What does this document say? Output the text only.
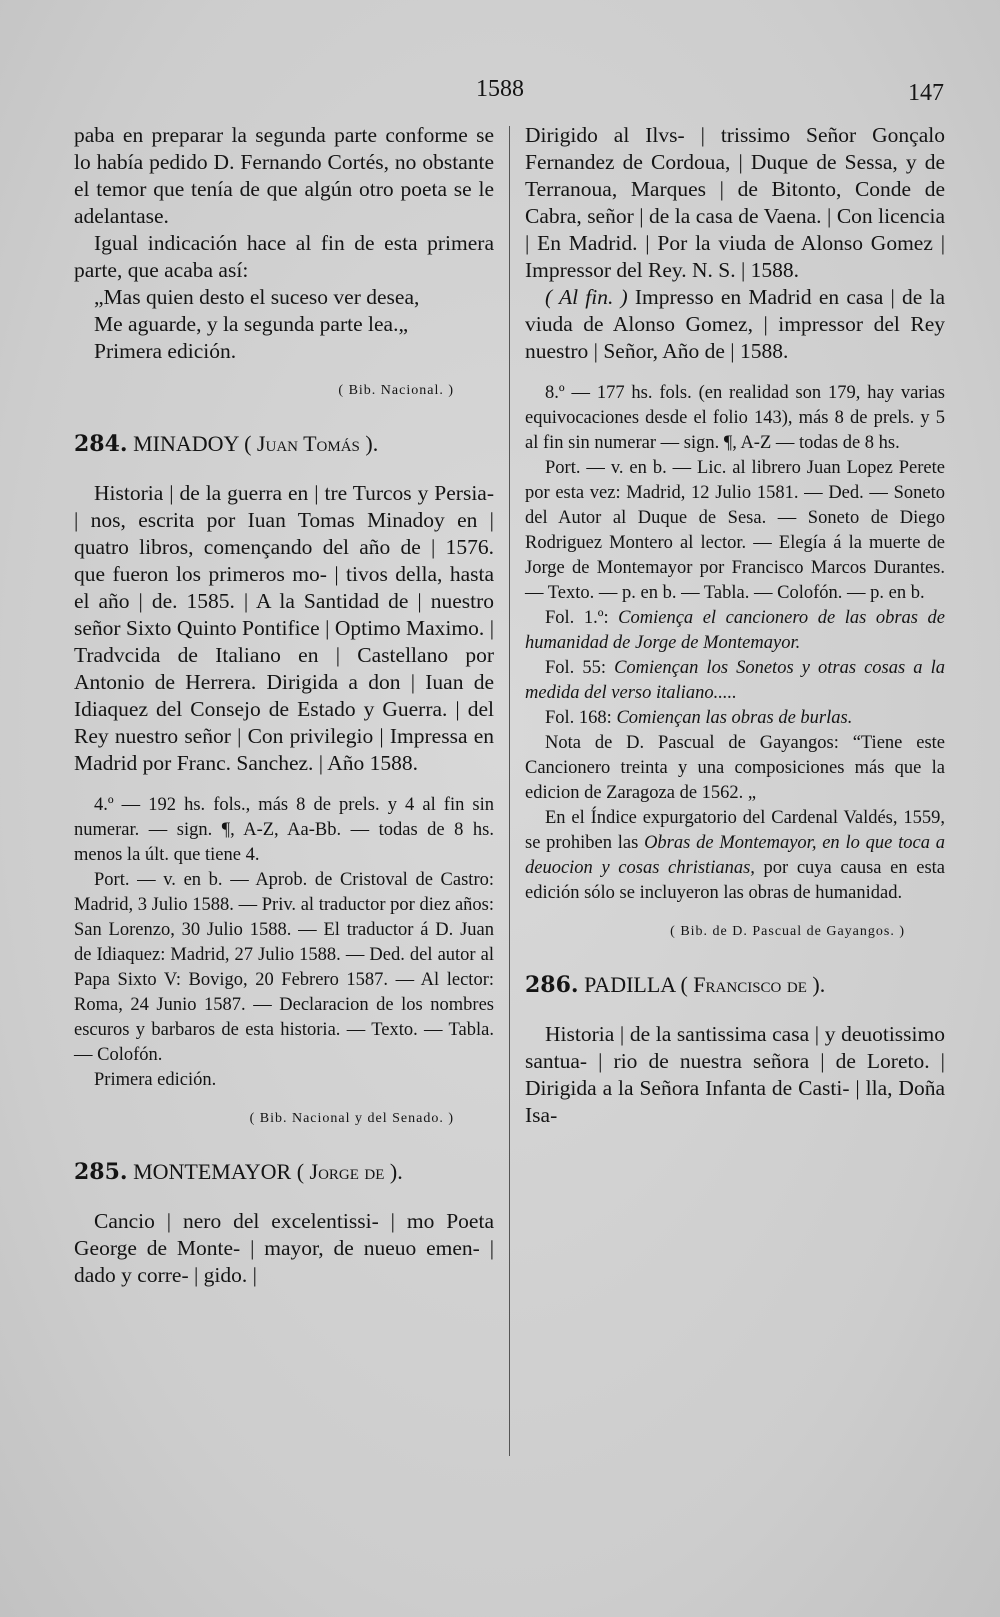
1588	147

paba en preparar la segunda parte conforme se lo había pedido D. Fernando Cortés, no obstante el temor que tenía de que algún otro poeta se le adelantase.

Igual indicación hace al fin de esta primera parte, que acaba así:

„Mas quien desto el suceso ver desea,

Me aguarde, y la segunda parte lea.„

Primera edición.

( Bib. Nacional. )
284. MINADOY ( Juan Tomás ).

Historia | de la guerra en | tre Turcos y Persia- | nos, escrita por Iuan Tomas Minadoy en | quatro libros, començando del año de | 1576. que fueron los primeros mo- | tivos della, hasta el año | de. 1585. | A la Santidad de | nuestro señor Sixto Quinto Pontifice | Optimo Maximo. | Tradvcida de Italiano en | Castellano por Antonio de Herrera. Dirigida a don | Iuan de Idiaquez del Consejo de Estado y Guerra. | del Rey nuestro señor | Con privilegio | Impressa en Madrid por Franc. Sanchez. | Año 1588.

4.º — 192 hs. fols., más 8 de prels. y 4 al fin sin numerar. — sign. ¶, A-Z, Aa-Bb. — todas de 8 hs. menos la últ. que tiene 4.

Port. — v. en b. — Aprob. de Cristoval de Castro: Madrid, 3 Julio 1588. — Priv. al traductor por diez años: San Lorenzo, 30 Julio 1588. — El traductor á D. Juan de Idiaquez: Madrid, 27 Julio 1588. — Ded. del autor al Papa Sixto V: Bovigo, 20 Febrero 1587. — Al lector: Roma, 24 Junio 1587. — Declaracion de los nombres escuros y barbaros de esta historia. — Texto. — Tabla. — Colofón.

Primera edición.

( Bib. Nacional y del Senado. )
285. MONTEMAYOR ( Jorge de ).

Cancio | nero del excelentissi- | mo Poeta George de Monte- | mayor, de nueuo emen- | dado y corre- | gido. |

Dirigido al Ilvs- | trissimo Señor Gonçalo Fernandez de Cordoua, | Duque de Sessa, y de Terranoua, Marques | de Bitonto, Conde de Cabra, señor | de la casa de Vaena. | Con licencia | En Madrid. | Por la viuda de Alonso Gomez | Impressor del Rey. N. S. | 1588.

( Al fin. ) Impresso en Madrid en casa | de la viuda de Alonso Gomez, | impressor del Rey nuestro | Señor, Año de | 1588.

8.º — 177 hs. fols. (en realidad son 179, hay varias equivocaciones desde el folio 143), más 8 de prels. y 5 al fin sin numerar — sign. ¶, A-Z — todas de 8 hs.

Port. — v. en b. — Lic. al librero Juan Lopez Perete por esta vez: Madrid, 12 Julio 1581. — Ded. — Soneto del Autor al Duque de Sesa. — Soneto de Diego Rodriguez Montero al lector. — Elegía á la muerte de Jorge de Montemayor por Francisco Marcos Durantes. — Texto. — p. en b. — Tabla. — Colofón. — p. en b.

Fol. 1.º: Comiença el cancionero de las obras de humanidad de Jorge de Montemayor.

Fol. 55: Comiençan los Sonetos y otras cosas a la medida del verso italiano.....

Fol. 168: Comiençan las obras de burlas.

Nota de D. Pascual de Gayangos: “Tiene este Cancionero treinta y una composiciones más que la edicion de Zaragoza de 1562. „

En el Índice expurgatorio del Cardenal Valdés, 1559, se prohiben las Obras de Montemayor, en lo que toca a deuocion y cosas christianas, por cuya causa en esta edición sólo se incluyeron las obras de humanidad.

( Bib. de D. Pascual de Gayangos. )
286. PADILLA ( Francisco de ).

Historia | de la santissima casa | y deuotissimo santua- | rio de nuestra señora | de Loreto. | Dirigida a la Señora Infanta de Casti- | lla, Doña Isa-
